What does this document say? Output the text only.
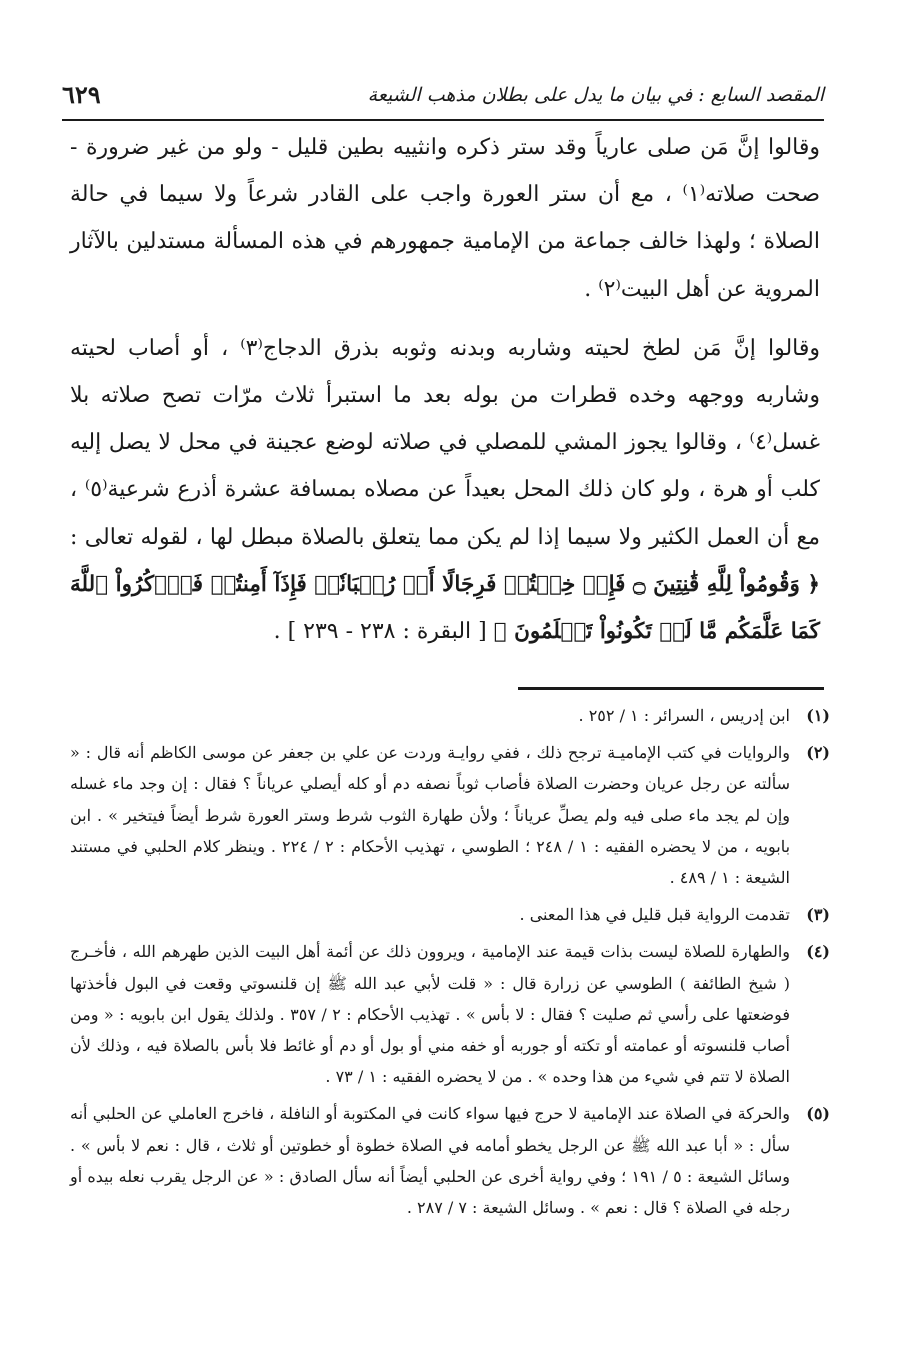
المقصد السابع : في بيان ما يدل على بطلان مذهب الشيعة
٦٢٩

وقالوا إنَّ مَن صلى عارياً وقد ستر ذكره وانثييه بطين قليل - ولو من غير ضرورة - صحت صلاته⁽١⁾ ، مع أن ستر العورة واجب على القادر شرعاً ولا سيما في حالة الصلاة ؛ ولهذا خالف جماعة من الإمامية جمهورهم في هذه المسألة مستدلين بالآثار المروية عن أهل البيت⁽٢⁾ .

وقالوا إنَّ مَن لطخ لحيته وشاربه وبدنه وثوبه بذرق الدجاج⁽٣⁾ ، أو أصاب لحيته وشاربه ووجهه وخده قطرات من بوله بعد ما استبرأ ثلاث مرّات تصح صلاته بلا غسل⁽٤⁾ ، وقالوا يجوز المشي للمصلي في صلاته لوضع عجينة في محل لا يصل إليه كلب أو هرة ، ولو كان ذلك المحل بعيداً عن مصلاه بمسافة عشرة أذرع شرعية⁽٥⁾ ، مع أن العمل الكثير ولا سيما إذا لم يكن مما يتعلق بالصلاة مبطل لها ، لقوله تعالى : ﴿ وَقُومُواْ لِلَّهِ قَٰنِتِينَ ۝ فَإِنۡ خِفۡتُمۡ فَرِجَالًا أَوۡ رُكۡبَانٗاۖ فَإِذَآ أَمِنتُمۡ فَٱذۡكُرُواْ ٱللَّهَ كَمَا عَلَّمَكُم مَّا لَمۡ تَكُونُواْ تَعۡلَمُونَ ﴾ [ البقرة : ٢٣٨ - ٢٣٩ ] .

(١)
ابن إدريس ، السرائر : ١ / ٢٥٢ .
(٢)
والروايات في كتب الإماميـة ترجح ذلك ، ففي روايـة وردت عن علي بن جعفر عن موسى الكاظم أنه قال : « سألته عن رجل عريان وحضرت الصلاة فأصاب ثوباً نصفه دم أو كله أيصلي عرياناً ؟ فقال : إن وجد ماء غسله وإن لم يجد ماء صلى فيه ولم يصلِّ عرياناً ؛ ولأن طهارة الثوب شرط وستر العورة شرط أيضاً فيتخير » . ابن بابويه ، من لا يحضره الفقيه : ١ / ٢٤٨ ؛ الطوسي ، تهذيب الأحكام : ٢ / ٢٢٤ . وينظر كلام الحلبي في مستند الشيعة : ١ / ٤٨٩ .
(٣)
تقدمت الرواية قبل قليل في هذا المعنى .
(٤)
والطهارة للصلاة ليست بذات قيمة عند الإمامية ، ويروون ذلك عن أئمة أهل البيت الذين طهرهم الله ، فأخـرج ( شيخ الطائفة ) الطوسي عن زرارة قال : « قلت لأبي عبد الله ﷺ إن قلنسوتي وقعت في البول فأخذتها فوضعتها على رأسي ثم صليت ؟ فقال : لا بأس » . تهذيب الأحكام : ٢ / ٣٥٧ . ولذلك يقول ابن بابويه : « ومن أصاب قلنسوته أو عمامته أو تكته أو جوربه أو خفه مني أو بول أو دم أو غائط فلا بأس بالصلاة فيه ، وذلك لأن الصلاة لا تتم في شيء من هذا وحده » . من لا يحضره الفقيه : ١ / ٧٣ .
(٥)
والحركة في الصلاة عند الإمامية لا حرج فيها سواء كانت في المكتوبة أو النافلة ، فاخرج العاملي عن الحلبي أنه سأل : « أبا عبد الله ﷺ عن الرجل يخطو أمامه في الصلاة خطوة أو خطوتين أو ثلاث ، قال : نعم لا بأس » . وسائل الشيعة : ٥ / ١٩١ ؛ وفي رواية أخرى عن الحلبي أيضاً أنه سأل الصادق : « عن الرجل يقرب نعله بيده أو رجله في الصلاة ؟ قال : نعم » . وسائل الشيعة : ٧ / ٢٨٧ .
